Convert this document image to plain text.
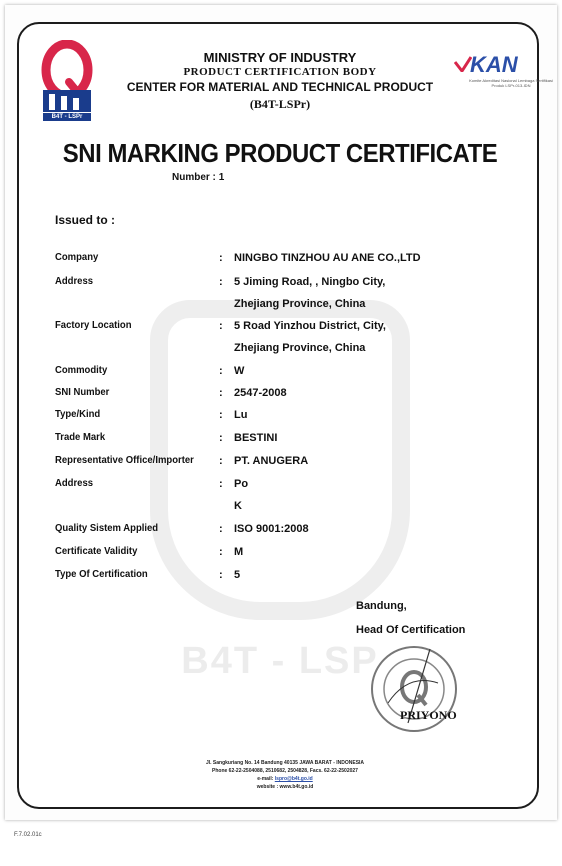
B4T - LSP
B4T - LSPr
KAN
Komite Akreditasi Nasional Lembaga Sertifikasi Produk LSPr-013-IDN
MINISTRY OF INDUSTRY
PRODUCT CERTIFICATION BODY
CENTER FOR MATERIAL AND TECHNICAL PRODUCT
(B4T-LSPr)
SNI MARKING PRODUCT CERTIFICATE
Number : 1
Issued to :
Company	: NINGBO TINZHOU AU ANE CO.,LTD
Address	: 5 Jiming Road, , Ningbo City,
Zhejiang Province, China
Factory Location	: 5 Road Yinzhou District, City,
Zhejiang Province, China
Commodity	: W
SNI Number	: 2547-2008
Type/Kind	: Lu
Trade Mark	: BESTINI
Representative Office/Importer : PT. ANUGERA
Address	: Po
K
Quality Sistem Applied	: ISO 9001:2008
Certificate Validity	: M
Type Of Certification	: 5
Bandung,
Head Of Certification
PRIYONO
Jl. Sangkuriang No. 14 Bandung 40135 JAWA BARAT - INDONESIA
Phone 62-22-2504088, 2510682, 2504828, Facs. 62-22-2502027
e-mail: lspro@b4t.go.id
website : www.b4t.go.id
F.7.02.01c
